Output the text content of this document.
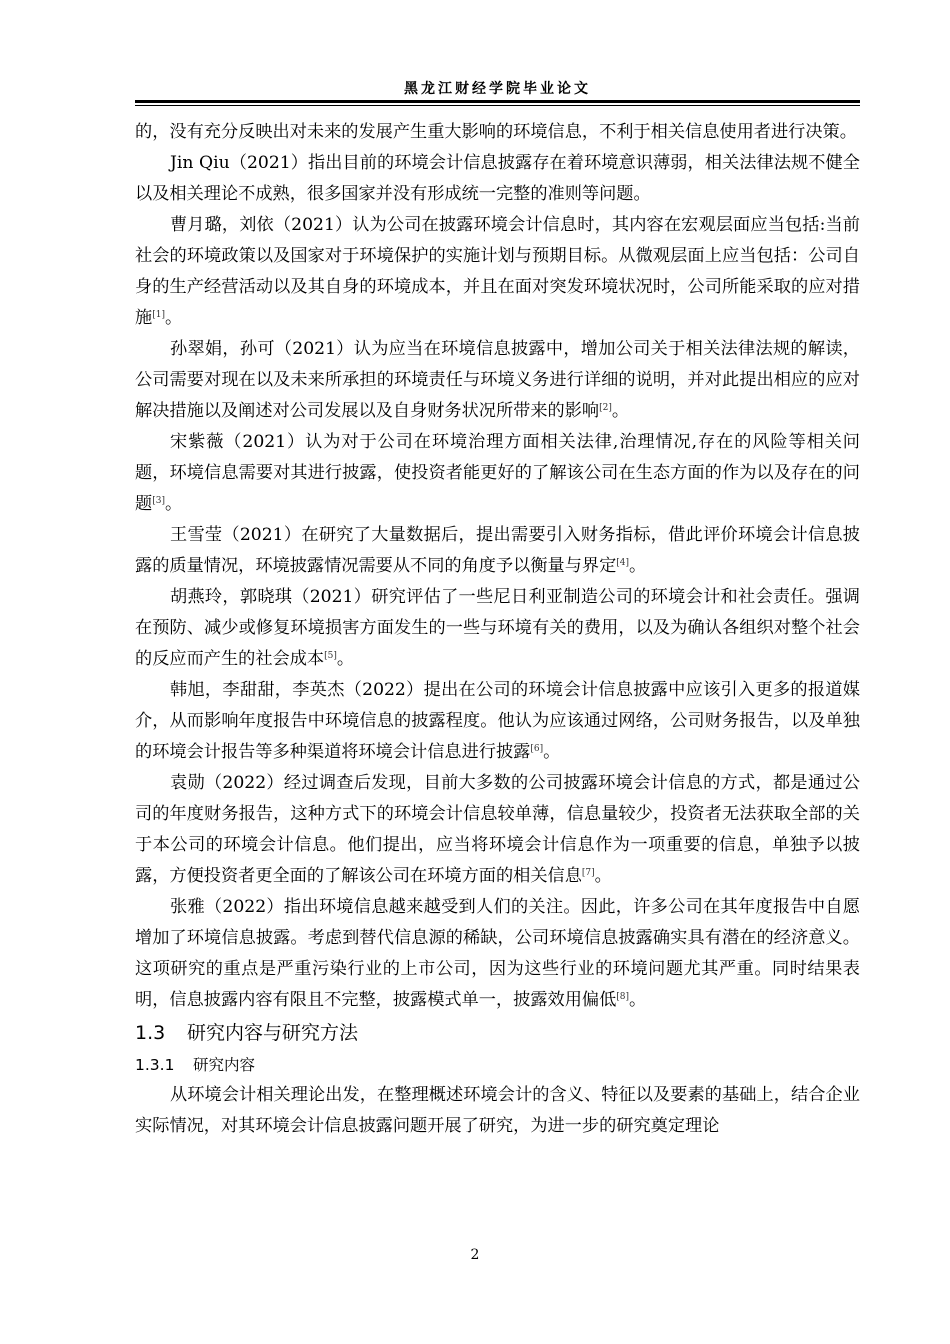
黑龙江财经学院毕业论文

的，没有充分反映出对未来的发展产生重大影响的环境信息，不利于相关信息使用者进行决策。

Jin Qiu（2021）指出目前的环境会计信息披露存在着环境意识薄弱，相关法律法规不健全以及相关理论不成熟，很多国家并没有形成统一完整的准则等问题。

曹月璐，刘依（2021）认为公司在披露环境会计信息时，其内容在宏观层面应当包括:当前社会的环境政策以及国家对于环境保护的实施计划与预期目标。从微观层面上应当包括：公司自身的生产经营活动以及其自身的环境成本，并且在面对突发环境状况时，公司所能采取的应对措施[1]。

孙翠娟，孙可（2021）认为应当在环境信息披露中，增加公司关于相关法律法规的解读，公司需要对现在以及未来所承担的环境责任与环境义务进行详细的说明，并对此提出相应的应对解决措施以及阐述对公司发展以及自身财务状况所带来的影响[2]。

宋紫薇（2021）认为对于公司在环境治理方面相关法律,治理情况,存在的风险等相关问题，环境信息需要对其进行披露，使投资者能更好的了解该公司在生态方面的作为以及存在的问题[3]。

王雪莹（2021）在研究了大量数据后，提出需要引入财务指标，借此评价环境会计信息披露的质量情况，环境披露情况需要从不同的角度予以衡量与界定[4]。

胡燕玲，郭晓琪（2021）研究评估了一些尼日利亚制造公司的环境会计和社会责任。强调在预防、减少或修复环境损害方面发生的一些与环境有关的费用，以及为确认各组织对整个社会的反应而产生的社会成本[5]。

韩旭，李甜甜，李英杰（2022）提出在公司的环境会计信息披露中应该引入更多的报道媒介，从而影响年度报告中环境信息的披露程度。他认为应该通过网络，公司财务报告，以及单独的环境会计报告等多种渠道将环境会计信息进行披露[6]。

袁勋（2022）经过调查后发现，目前大多数的公司披露环境会计信息的方式，都是通过公司的年度财务报告，这种方式下的环境会计信息较单薄，信息量较少，投资者无法获取全部的关于本公司的环境会计信息。他们提出，应当将环境会计信息作为一项重要的信息，单独予以披露，方便投资者更全面的了解该公司在环境方面的相关信息[7]。

张雅（2022）指出环境信息越来越受到人们的关注。因此，许多公司在其年度报告中自愿增加了环境信息披露。考虑到替代信息源的稀缺，公司环境信息披露确实具有潜在的经济意义。这项研究的重点是严重污染行业的上市公司，因为这些行业的环境问题尤其严重。同时结果表明，信息披露内容有限且不完整，披露模式单一，披露效用偏低[8]。

1.3 研究内容与研究方法
1.3.1 研究内容

从环境会计相关理论出发，在整理概述环境会计的含义、特征以及要素的基础上，结合企业实际情况，对其环境会计信息披露问题开展了研究，为进一步的研究奠定理论

2
